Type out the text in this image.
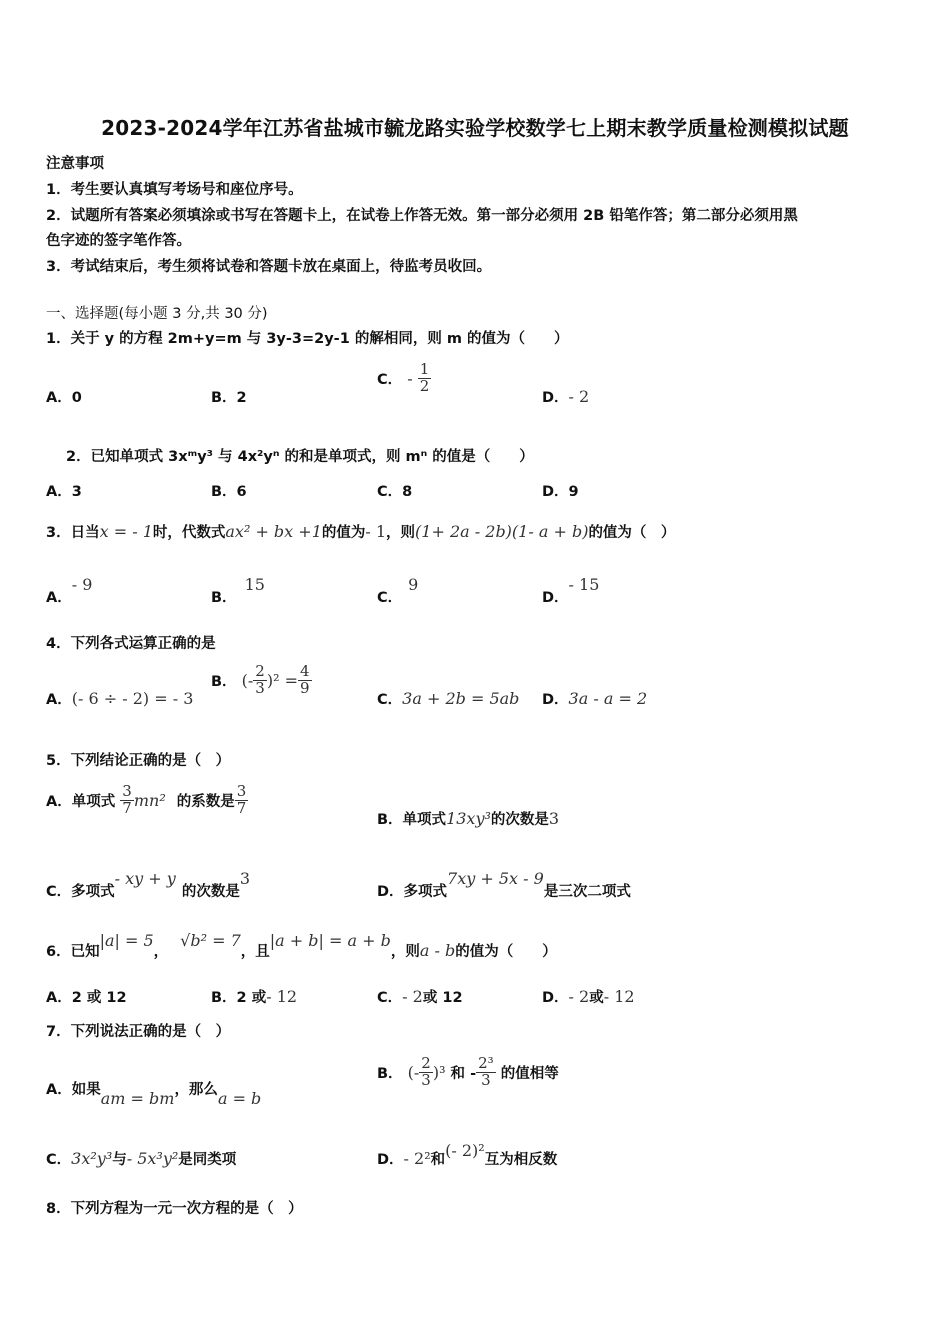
2023-2024学年江苏省盐城市毓龙路实验学校数学七上期末教学质量检测模拟试题
注意事项
1．考生要认真填写考场号和座位序号。
2．试题所有答案必须填涂或书写在答题卡上，在试卷上作答无效。第一部分必须用 2B 铅笔作答；第二部分必须用黑
色字迹的签字笔作答。
3．考试结束后，考生须将试卷和答题卡放在桌面上，待监考员收回。
一、选择题(每小题 3 分,共 30 分)
1．关于 y 的方程 2m+y=m 与 3y-3=2y-1 的解相同，则 m 的值为（　　）
A．0	B．2
C． - $\frac{1}{2}$
D．- 2
2．已知单项式 3xᵐy³ 与 4x²yⁿ 的和是单项式，则 mⁿ 的值是（　　）
A．3	B．6	C．8	D．9
3．日当x = - 1时，代数式ax² + bx +1的值为- 1，则(1+ 2a - 2b)(1- a + b)的值为（　）
A．- 9
B．15
C．9
D．- 15
4．下列各式运算正确的是
A．(- 6 ÷ - 2) = - 3
B． (- $\frac{2}{3} )^2 = \frac{4}{9}$
C．3a + 2b = 5ab D．3a - a = 2
5．下列结论正确的是（　）
A．单项式 $\frac{3}{7} mn^2$ 的系数是 $\frac{3}{7}$
B．单项式13xy³的次数是3
C．多项式- xy + y的次数是3
D．多项式7xy + 5x - 9是三次二项式
6．已知|a| = 5，√b² = 7，且|a + b| = a + b，则a - b的值为（　　）
A．2 或 12	B．2 或- 12	C．- 2或 12	D．- 2或- 12
7．下列说法正确的是（　）
A．如果am = bm，那么a = b
B． (- $\frac{2}{3} )^3$ 和 - $\frac{\text{2³}}{3}$ 的值相等
C．3x²y³与- 5x³y²是同类项	D．- 2²和(- 2)²互为相反数
8．下列方程为一元一次方程的是（　）
